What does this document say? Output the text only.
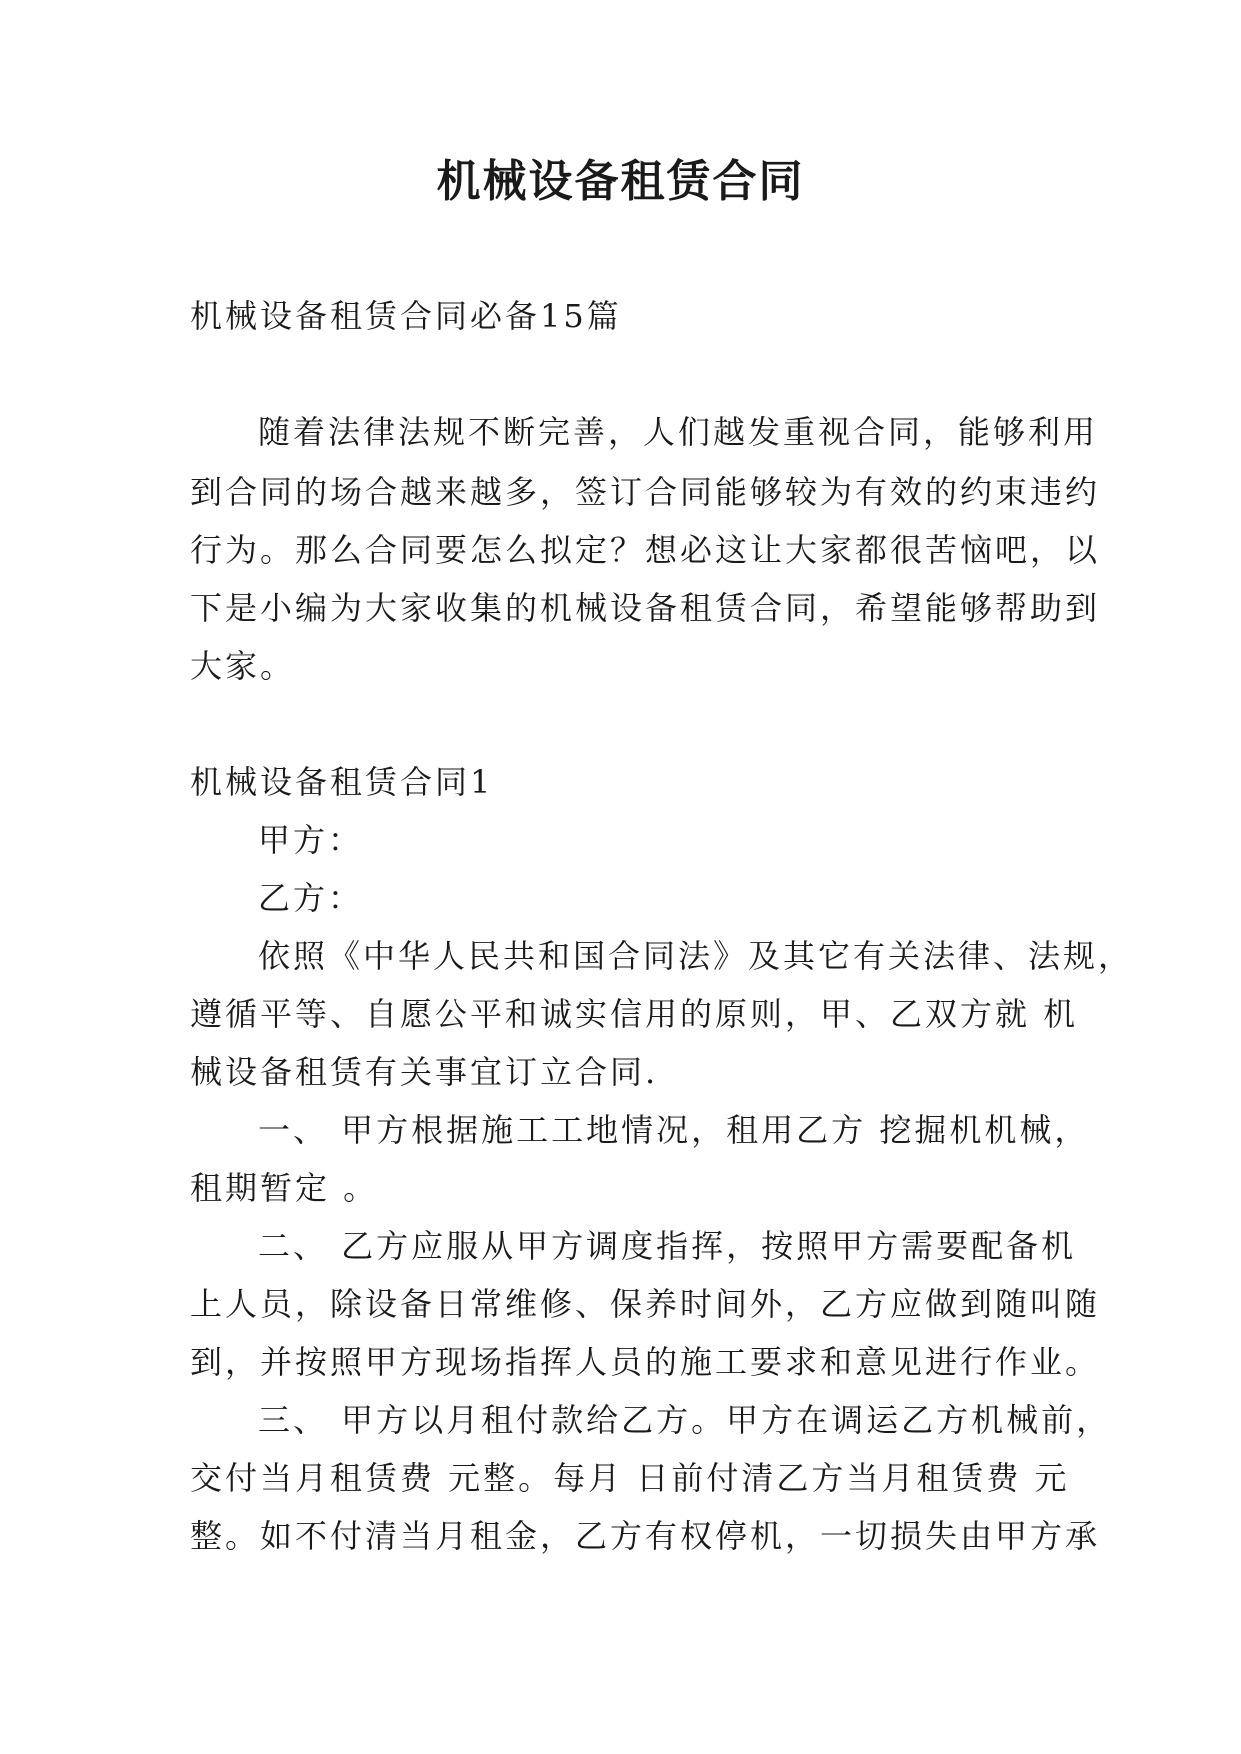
机械设备租赁合同

机械设备租赁合同必备15篇

随着法律法规不断完善，人们越发重视合同，能够利用

到合同的场合越来越多，签订合同能够较为有效的约束违约

行为。那么合同要怎么拟定？想必这让大家都很苦恼吧，以

下是小编为大家收集的机械设备租赁合同，希望能够帮助到

大家。

机械设备租赁合同1

甲方：

乙方：

依照《中华人民共和国合同法》及其它有关法律、法规，

遵循平等、自愿公平和诚实信用的原则，甲、乙双方就 机

械设备租赁有关事宜订立合同.

一、 甲方根据施工工地情况，租用乙方 挖掘机机械，

租期暂定 。

二、 乙方应服从甲方调度指挥，按照甲方需要配备机

上人员，除设备日常维修、保养时间外，乙方应做到随叫随

到，并按照甲方现场指挥人员的施工要求和意见进行作业。

三、 甲方以月租付款给乙方。甲方在调运乙方机械前，

交付当月租赁费 元整。每月 日前付清乙方当月租赁费 元

整。如不付清当月租金，乙方有权停机，一切损失由甲方承
